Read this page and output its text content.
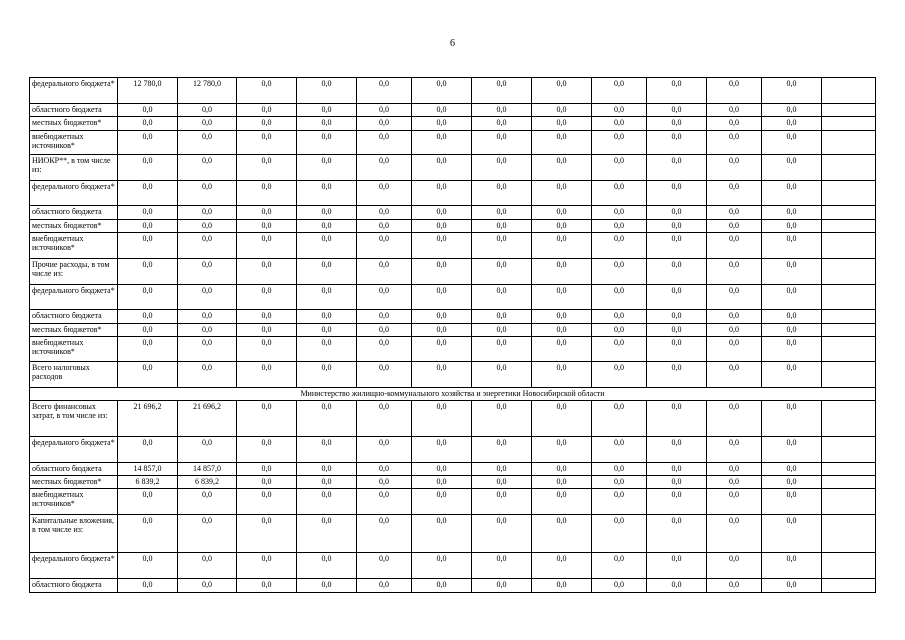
6
федерального бюджета*	12 780,0	12 780,0	0,0	0,0	0,0	0,0	0,0	0,0	0,0	0,0	0,0	0,0	
областного бюджета	0,0	0,0	0,0	0,0	0,0	0,0	0,0	0,0	0,0	0,0	0,0	0,0	
местных бюджетов*	0,0	0,0	0,0	0,0	0,0	0,0	0,0	0,0	0,0	0,0	0,0	0,0	
внебюджетных источников*	0,0	0,0	0,0	0,0	0,0	0,0	0,0	0,0	0,0	0,0	0,0	0,0	
НИОКР**, в том числе из:	0,0	0,0	0,0	0,0	0,0	0,0	0,0	0,0	0,0	0,0	0,0	0,0	
федерального бюджета*	0,0	0,0	0,0	0,0	0,0	0,0	0,0	0,0	0,0	0,0	0,0	0,0	
областного бюджета	0,0	0,0	0,0	0,0	0,0	0,0	0,0	0,0	0,0	0,0	0,0	0,0	
местных бюджетов*	0,0	0,0	0,0	0,0	0,0	0,0	0,0	0,0	0,0	0,0	0,0	0,0	
внебюджетных источников*	0,0	0,0	0,0	0,0	0,0	0,0	0,0	0,0	0,0	0,0	0,0	0,0	
Прочие расходы, в том числе из:	0,0	0,0	0,0	0,0	0,0	0,0	0,0	0,0	0,0	0,0	0,0	0,0	
федерального бюджета*	0,0	0,0	0,0	0,0	0,0	0,0	0,0	0,0	0,0	0,0	0,0	0,0	
областного бюджета	0,0	0,0	0,0	0,0	0,0	0,0	0,0	0,0	0,0	0,0	0,0	0,0	
местных бюджетов*	0,0	0,0	0,0	0,0	0,0	0,0	0,0	0,0	0,0	0,0	0,0	0,0	
внебюджетных источников*	0,0	0,0	0,0	0,0	0,0	0,0	0,0	0,0	0,0	0,0	0,0	0,0	
Всего налоговых расходов	0,0	0,0	0,0	0,0	0,0	0,0	0,0	0,0	0,0	0,0	0,0	0,0	
Министерство жилищно-коммунального хозяйства и энергетики Новосибирской области													
Всего финансовых затрат, в том числе из:	21 696,2	21 696,2	0,0	0,0	0,0	0,0	0,0	0,0	0,0	0,0	0,0	0,0	
федерального бюджета*	0,0	0,0	0,0	0,0	0,0	0,0	0,0	0,0	0,0	0,0	0,0	0,0	
областного бюджета	14 857,0	14 857,0	0,0	0,0	0,0	0,0	0,0	0,0	0,0	0,0	0,0	0,0	
местных бюджетов*	6 839,2	6 839,2	0,0	0,0	0,0	0,0	0,0	0,0	0,0	0,0	0,0	0,0	
внебюджетных источников*	0,0	0,0	0,0	0,0	0,0	0,0	0,0	0,0	0,0	0,0	0,0	0,0	
Капитальные вложения, в том числе из:	0,0	0,0	0,0	0,0	0,0	0,0	0,0	0,0	0,0	0,0	0,0	0,0	
федерального бюджета*	0,0	0,0	0,0	0,0	0,0	0,0	0,0	0,0	0,0	0,0	0,0	0,0	
областного бюджета	0,0	0,0	0,0	0,0	0,0	0,0	0,0	0,0	0,0	0,0	0,0	0,0	
